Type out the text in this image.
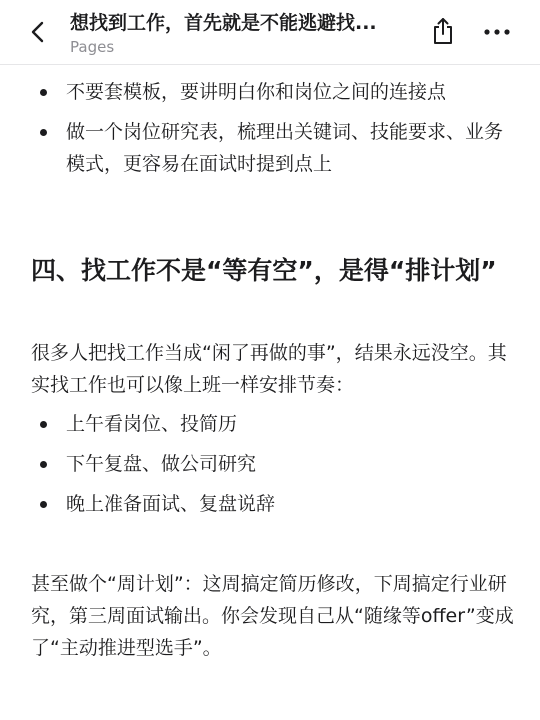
想找到工作，首先就是不能逃避找...
Pages
不要套模板，要讲明白你和岗位之间的连接点
做一个岗位研究表，梳理出关键词、技能要求、业务模式，更容易在面试时提到点上
四、找工作不是“等有空”，是得“排计划”
很多人把找工作当成“闲了再做的事”，结果永远没空。其实找工作也可以像上班一样安排节奏：
上午看岗位、投简历
下午复盘、做公司研究
晚上准备面试、复盘说辞
甚至做个“周计划”：这周搞定简历修改，下周搞定行业研究，第三周面试输出。你会发现自己从“随缘等offer”变成了“主动推进型选手”。
